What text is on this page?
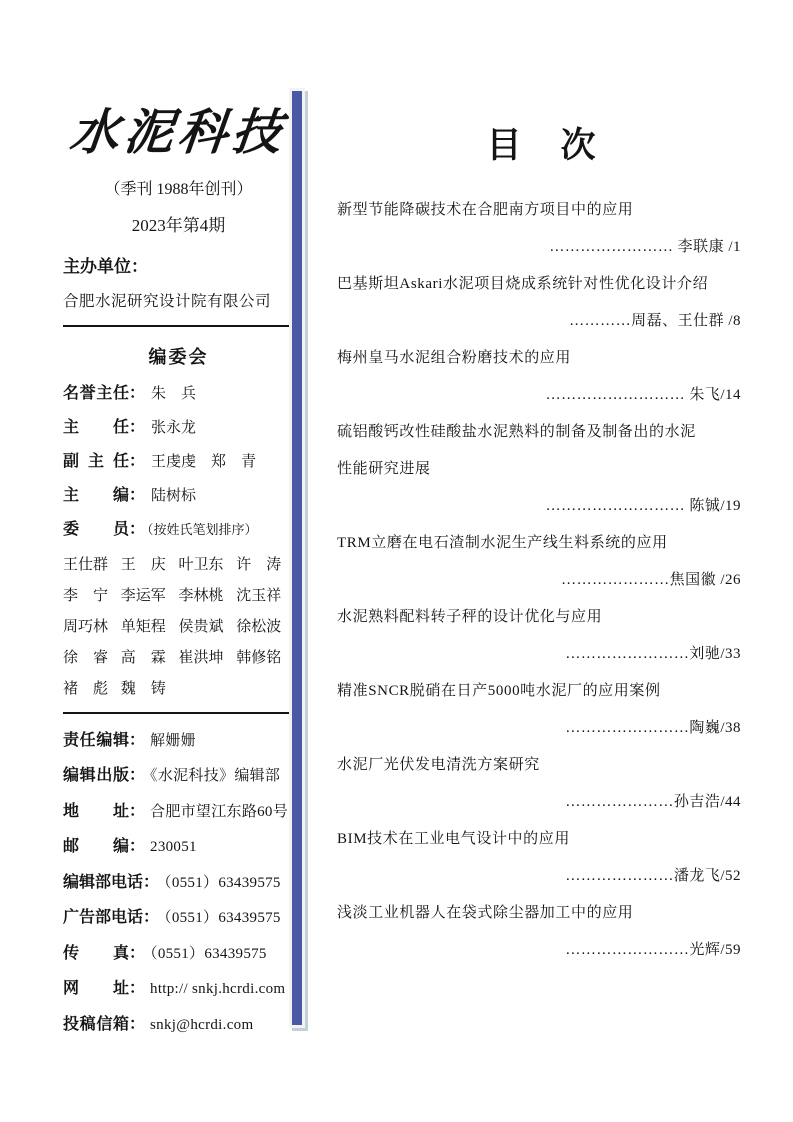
水泥科技
（季刊 1988年创刊）
2023年第4期
主办单位：
合肥水泥研究设计院有限公司
编委会
名誉主任： 朱　兵
主任： 张永龙
副主任： 王虔虔　郑　青
主编： 陆树标
委员： （按姓氏笔划排序）
王仕群 王庆 叶卫东 许涛
李宁 李运军 李林桃 沈玉祥
周巧林 单矩程 侯贵斌 徐松波
徐睿 高霖 崔洪坤 韩修铭
褚彪 魏铸
责任编辑： 解姗姗
编辑出版： 《水泥科技》编辑部
地址： 合肥市望江东路60号
邮编： 230051
编辑部电话： （0551）63439575
广告部电话： （0551）63439575
传真： （0551）63439575
网址： http:// snkj.hcrdi.com
投稿信箱： snkj@hcrdi.com
目　次
新型节能降碳技术在合肥南方项目中的应用
…………………… 李联康 /1
巴基斯坦Askari水泥项目烧成系统针对性优化设计介绍
…………周磊、王仕群 /8
梅州皇马水泥组合粉磨技术的应用
……………………… 朱飞/14
硫铝酸钙改性硅酸盐水泥熟料的制备及制备出的水泥
性能研究进展
……………………… 陈铖/19
TRM立磨在电石渣制水泥生产线生料系统的应用
…………………焦国徽 /26
水泥熟料配料转子秤的设计优化与应用
……………………刘驰/33
精准SNCR脱硝在日产5000吨水泥厂的应用案例
……………………陶巍/38
水泥厂光伏发电清洗方案研究
…………………孙吉浩/44
BIM技术在工业电气设计中的应用
…………………潘龙飞/52
浅淡工业机器人在袋式除尘器加工中的应用
……………………光辉/59
